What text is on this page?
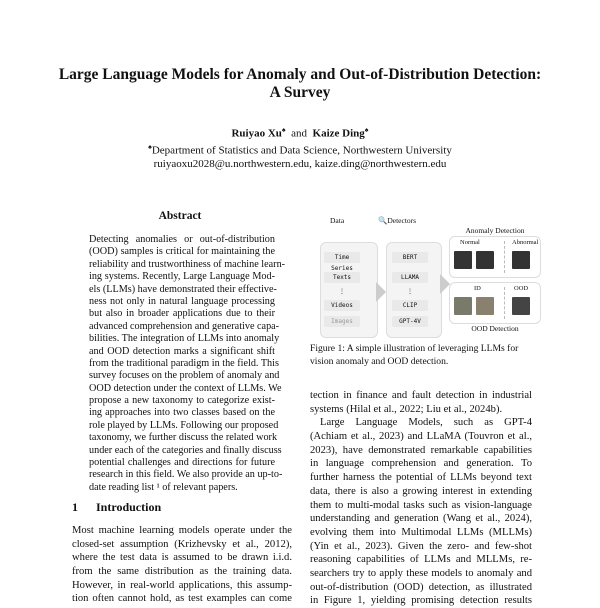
Large Language Models for Anomaly and Out-of-Distribution Detection:
A Survey
Ruiyao Xu♠ and Kaize Ding♠
♠Department of Statistics and Data Science, Northwestern University
ruiyaoxu2028@u.northwestern.edu, kaize.ding@northwestern.edu
Abstract
Detecting anomalies or out-of-distribution
(OOD) samples is critical for maintaining the
reliability and trustworthiness of machine learn-
ing systems. Recently, Large Language Mod-
els (LLMs) have demonstrated their effective-
ness not only in natural language processing
but also in broader applications due to their
advanced comprehension and generative capa-
bilities. The integration of LLMs into anomaly
and OOD detection marks a significant shift
from the traditional paradigm in the field. This
survey focuses on the problem of anomaly and
OOD detection under the context of LLMs. We
propose a new taxonomy to categorize exist-
ing approaches into two classes based on the
role played by LLMs. Following our proposed
taxonomy, we further discuss the related work
under each of the categories and finally discuss
potential challenges and directions for future
research in this field. We also provide an up-to-
date reading list ¹ of relevant papers.
1 Introduction
Most machine learning models operate under the
closed-set assumption (Krizhevsky et al., 2012),
where the test data is assumed to be drawn i.i.d.
from the same distribution as the training data.
However, in real-world applications, this assump-
tion often cannot hold, as test examples can come
Data	🔍Detectors
Time Series
Texts
⋮
Videos
Images
BERT
LLAMA
⋮
CLIP
GPT-4V
Anomaly Detection
Normal	Abnormal
ID	OOD
OOD Detection
Figure 1: A simple illustration of leveraging LLMs for
vision anomaly and OOD detection.
tection in finance and fault detection in industrial
systems (Hilal et al., 2022; Liu et al., 2024b).
Large Language Models, such as GPT-4
(Achiam et al., 2023) and LLaMA (Touvron et al.,
2023), have demonstrated remarkable capabilities
in language comprehension and generation. To
further harness the potential of LLMs beyond text
data, there is also a growing interest in extending
them to multi-modal tasks such as vision-language
understanding and generation (Wang et al., 2024),
evolving them into Multimodal LLMs (MLLMs)
(Yin et al., 2023). Given the zero- and few-shot
reasoning capabilities of LLMs and MLLMs, re-
searchers try to apply these models to anomaly and
out-of-distribution (OOD) detection, as illustrated
in Figure 1, yielding promising detection results
